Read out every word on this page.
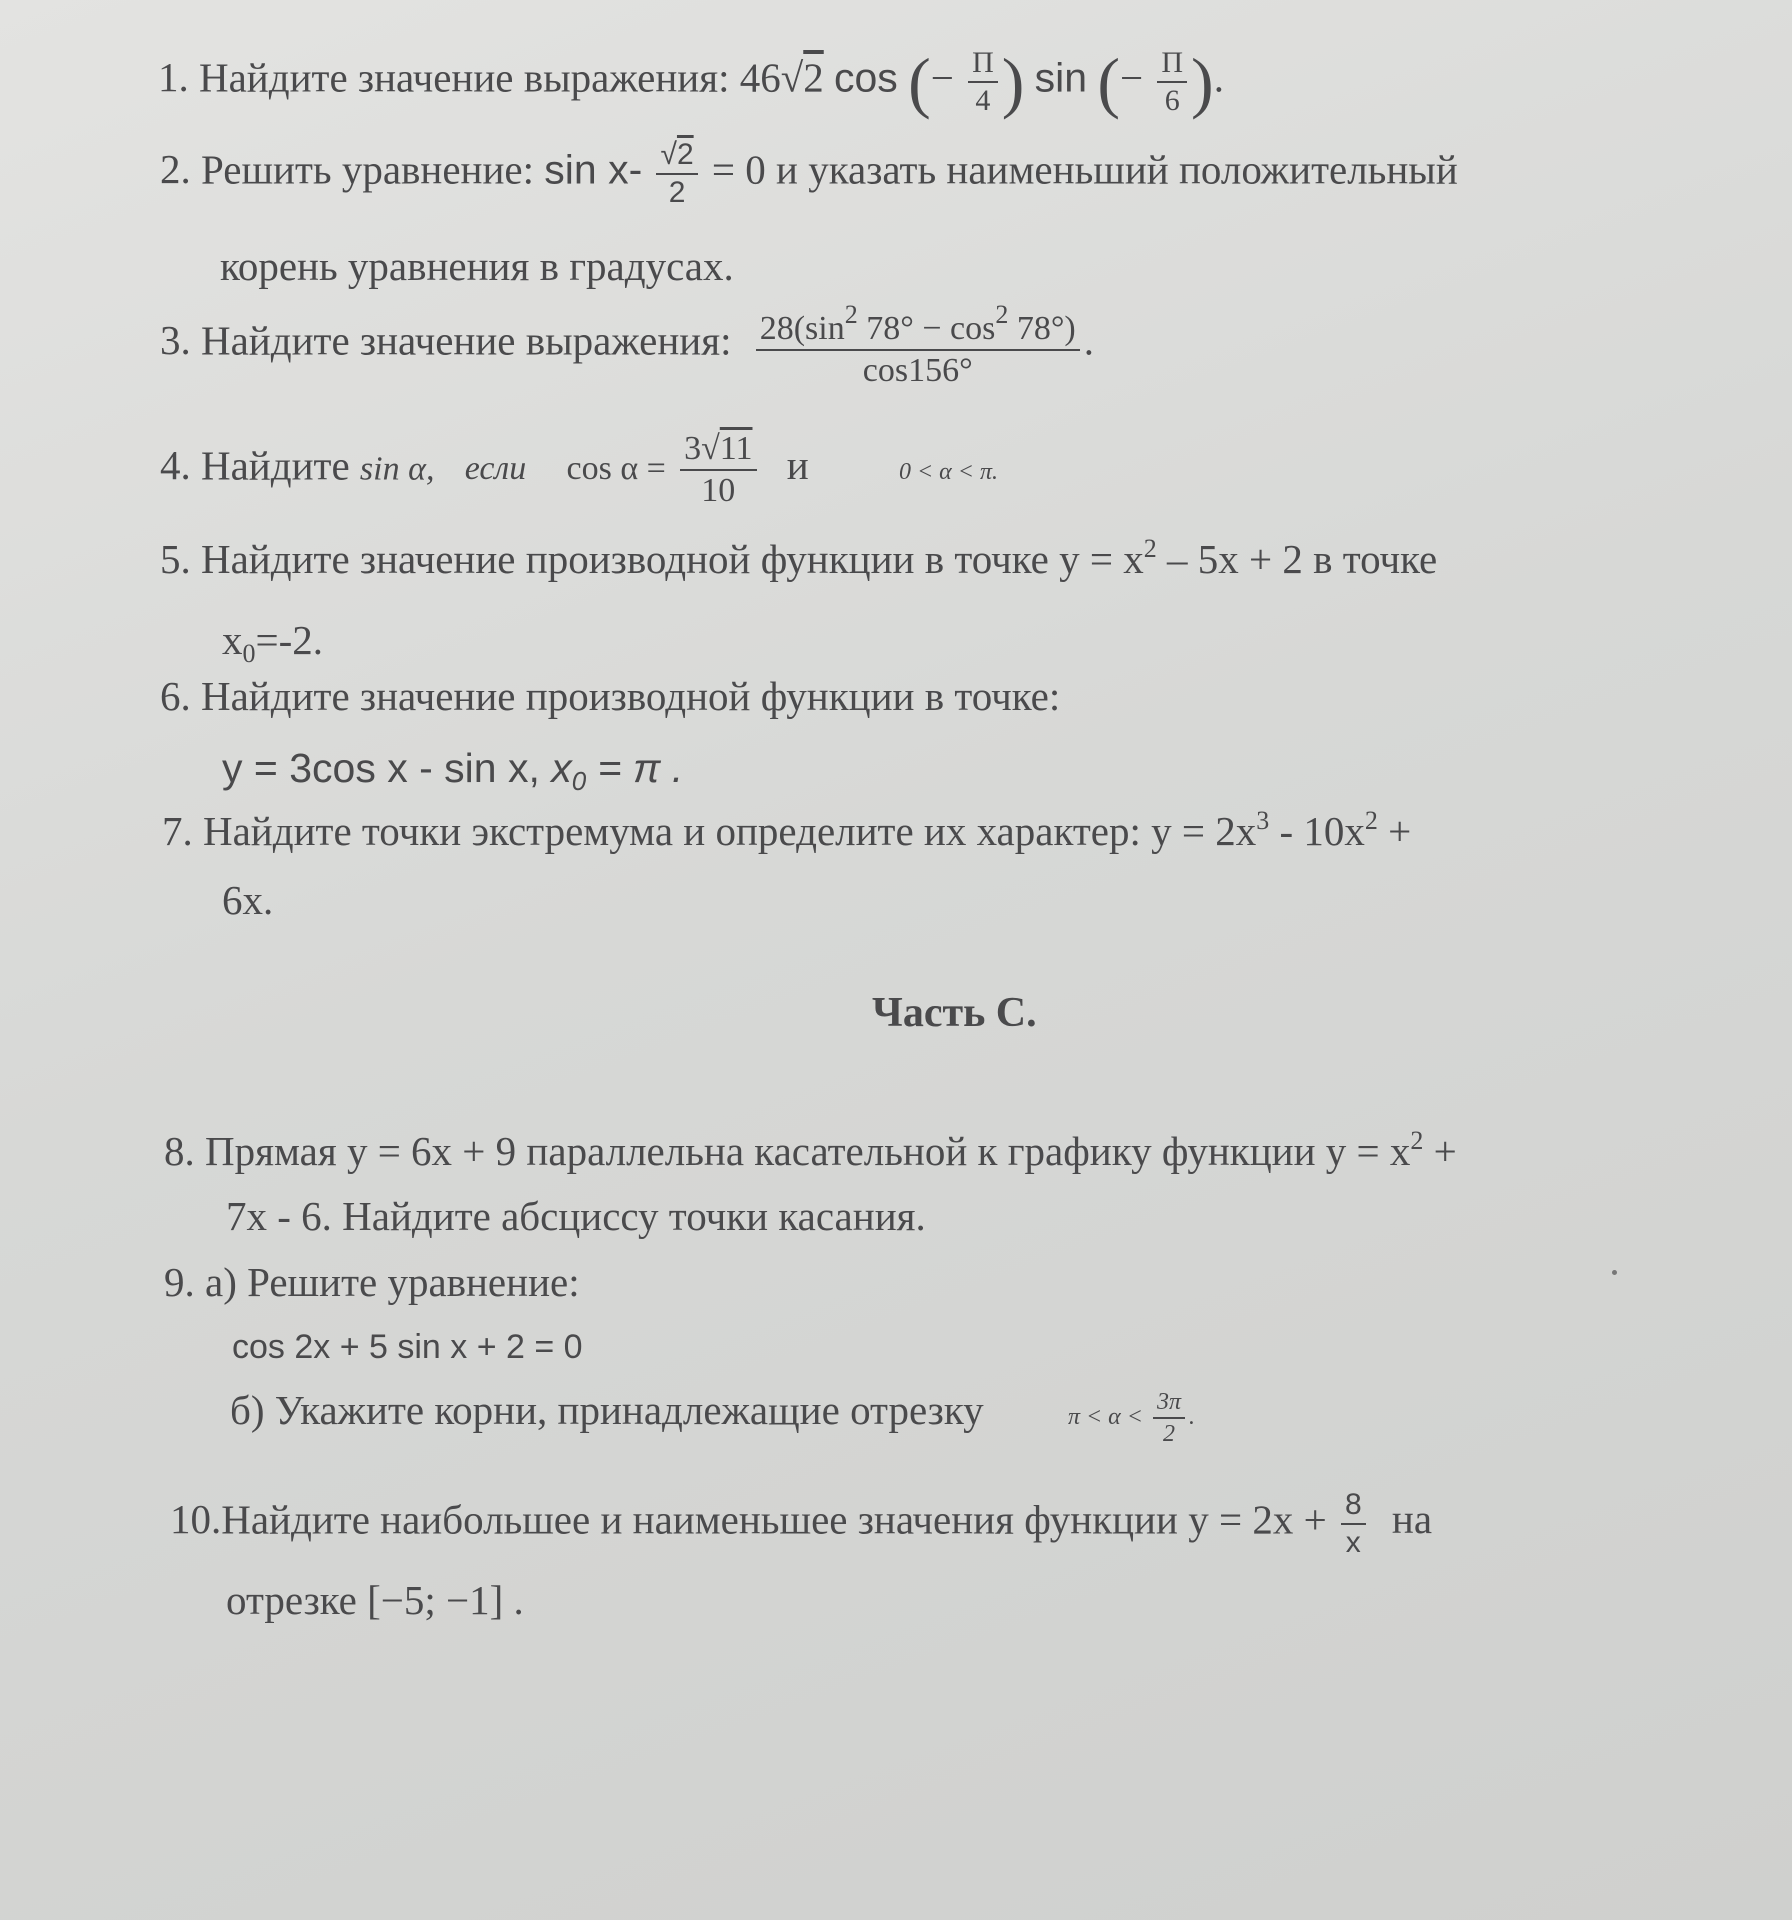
1. Найдите значение выражения: 46√2 cos (− $\frac{П}{4}$ ) sin (− $\frac{П}{6}$ ).
2. Решить уравнение: $\sin x- \frac{√2}{2} = 0$ и указать наименьший положительный
корень уравнения в градусах.
3. Найдите значение выражения: $\frac{28(\sin^2 78^\circ - \cos^2 78^\circ)}{\cos 156^\circ}$ .
4. Найдите sin α, если $\cos \alpha = \frac{3√11}{10}$ и	0 < α < π.
5. Найдите значение производной функции в точке $y = x^2 - 5x + 2$ в точке
$x_0=-2$.
6. Найдите значение производной функции в точке:
y = 3cos x - sin x, $x_0 = \pi$ .
7. Найдите точки экстремума и определите их характер: $y = 2x^3 - 10x^2$ +
6x.
Часть С.
8. Прямая y = 6x + 9 параллельна касательной к графику функции $y = x^2$ +
7x - 6. Найдите абсциссу точки касания.
9. а) Решите уравнение:
cos 2x + 5 sin x + 2 = 0
б) Укажите корни, принадлежащие отрезку	$\pi < \alpha < \frac{3\pi}{2}$ .
10.Найдите наибольшее и наименьшее значения функции $y = 2x + \frac{8}{x}$ на
отрезке [−5; −1] .
